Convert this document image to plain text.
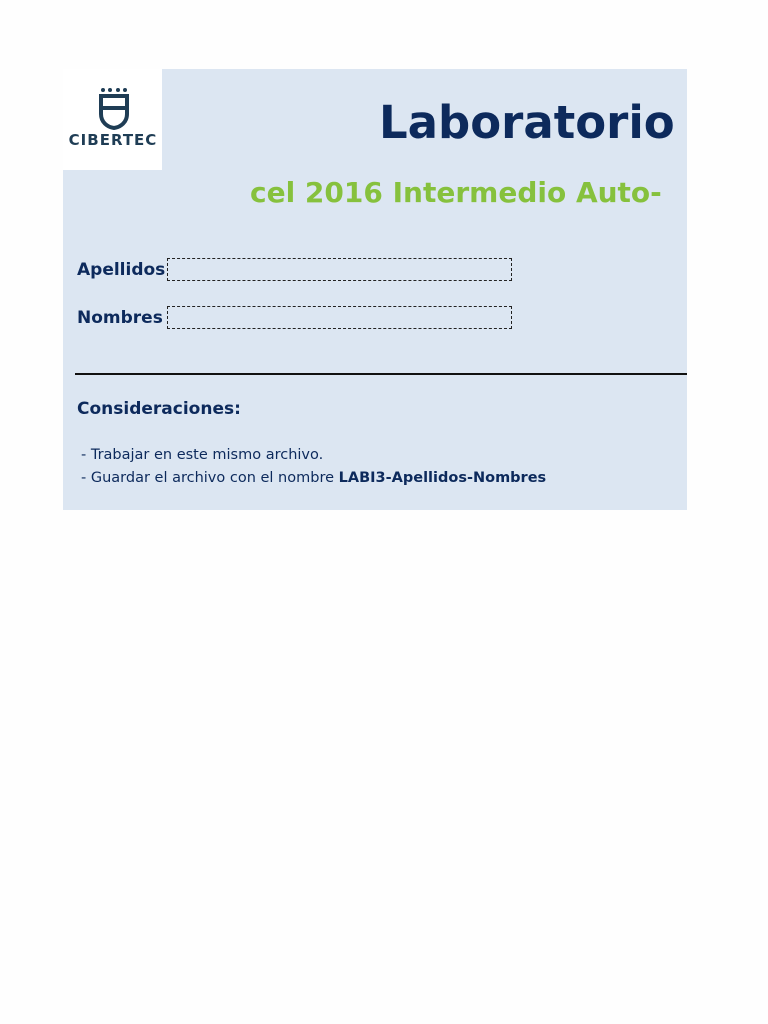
CIBERTEC	Laboratorio
cel 2016 Intermedio Auto-
Apellidos
Nombres
Consideraciones:
- Trabajar en este mismo archivo.
- Guardar el archivo con el nombre LABI3-Apellidos-Nombres
